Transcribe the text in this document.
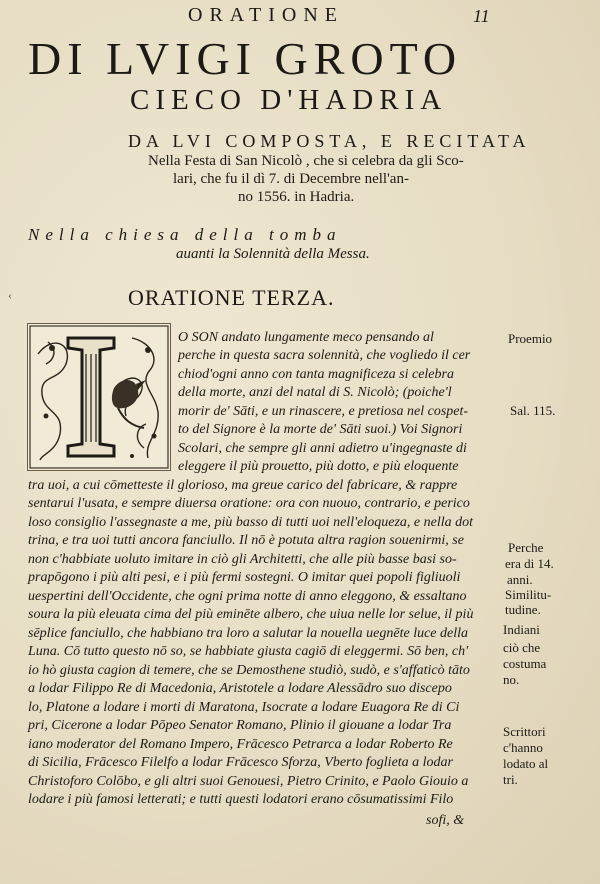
ORATIONE	11
DI LVIGI GROTO
CIECO D'HADRIA
DA LVI COMPOSTA, E RECITATA
Nella Festa di San Nicolò , che si celebra da gli Sco-
lari, che fu il dì 7. di Decembre nell'an-
no 1556. in Hadria.
Nella chiesa della tomba
auanti la Solennità della Messa.
‹	ORATIONE TERZA.
O SON andato lungamente meco pensando al
perche in questa sacra solennità, che vogliedo il cer
chiod'ogni anno con tanta magnificeza si celebra
della morte, anzi del natal di S. Nicolò; (poiche'l
morir de' Sāti, e un rinascere, e pretiosa nel cospet-
to del Signore è la morte de' Sāti suoi.) Voi Signori
Scolari, che sempre gli anni adietro u'ingegnaste di
eleggere il più prouetto, più dotto, e più eloquente
tra uoi, a cui cōmetteste il glorioso, ma greue carico del fabricare, & rappre
sentarui l'usata, e sempre diuersa oratione: ora con nuouo, contrario, e perico
loso consiglio l'assegnaste a me, più basso di tutti uoi nell'eloqueza, e nella dot
trina, e tra uoi tutti ancora fanciullo. Il nō è potuta altra ragion souenirmi, se
non c'habbiate uoluto imitare in ciò gli Architetti, che alle più basse basi so-
prapōgono i più alti pesi, e i più fermi sostegni. O imitar quei popoli figliuoli
uespertini dell'Occidente, che ogni prima notte di anno eleggono, & essaltano
soura la più eleuata cima del più eminēte albero, che uiua nelle lor selue, il più
sēplice fanciullo, che habbiano tra loro a salutar la nouella uegnēte luce della
Luna. Cō tutto questo nō so, se habbiate giusta cagiō di eleggermi. Sō ben, ch'
io hò giusta cagion di temere, che se Demosthene studiò, sudò, e s'affaticò tāto
a lodar Filippo Re di Macedonia, Aristotele a lodare Alessādro suo discepo
lo, Platone a lodare i morti di Maratona, Isocrate a lodare Euagora Re di Ci
pri, Cicerone a lodar Pōpeo Senator Romano, Plinio il giouane a lodar Tra
iano moderator del Romano Impero, Frācesco Petrarca a lodar Roberto Re
di Sicilia, Frācesco Filelfo a lodar Frācesco Sforza, Vberto foglieta a lodar
Christoforo Colōbo, e gli altri suoi Genouesi, Pietro Crinito, e Paolo Giouio a
lodare i più famosi letterati; e tutti questi lodatori erano cōsumatissimi Filo
sofi, &
Proemio
Sal. 115.
Perche
era di 14.
anni.
Similitu-
tudine.
Indiani
ciò che
costuma
no.
Scrittori
c'hanno
lodato al
tri.
